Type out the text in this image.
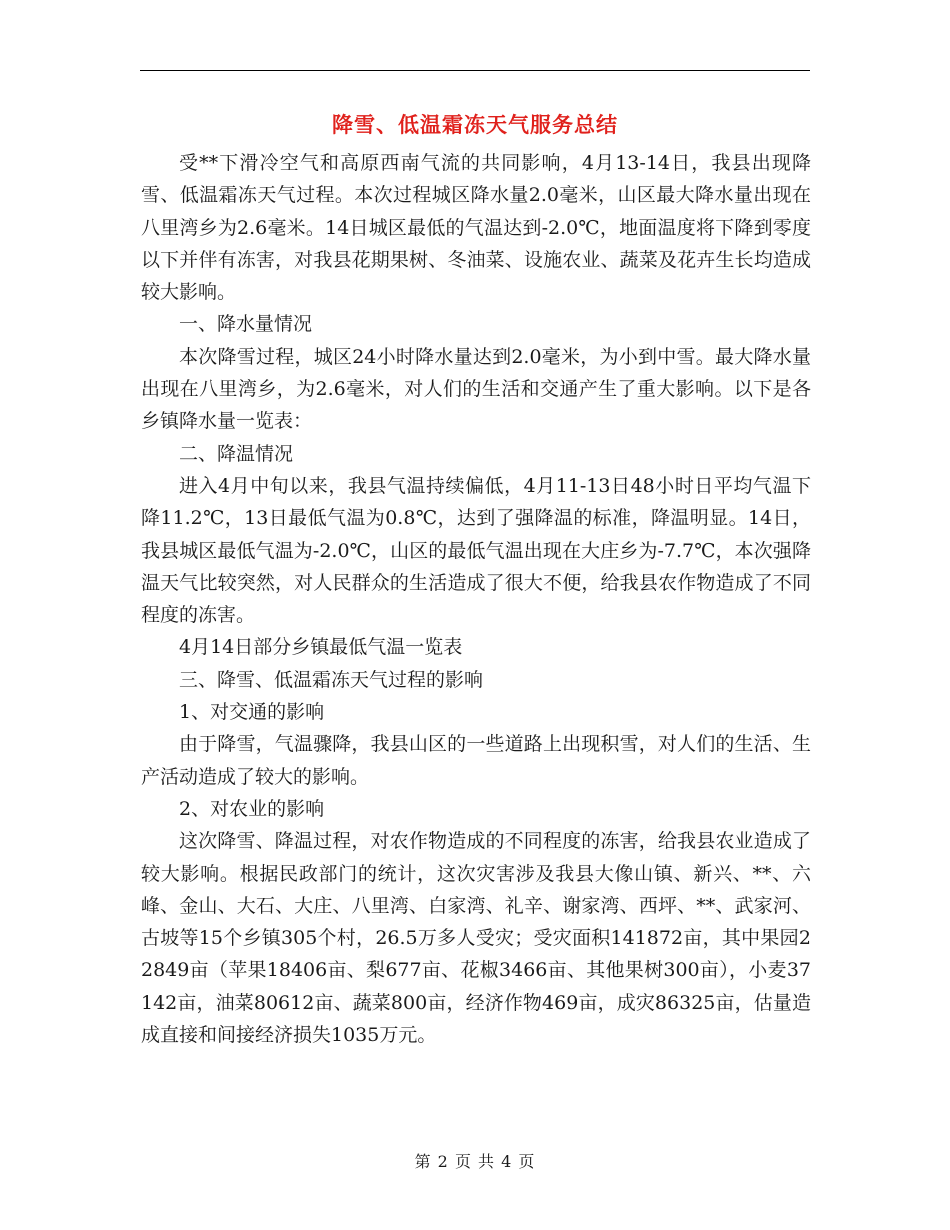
降雪、低温霜冻天气服务总结

受**下滑冷空气和高原西南气流的共同影响，4月13-14日，我县出现降雪、低温霜冻天气过程。本次过程城区降水量2.0毫米，山区最大降水量出现在八里湾乡为2.6毫米。14日城区最低的气温达到-2.0℃，地面温度将下降到零度以下并伴有冻害，对我县花期果树、冬油菜、设施农业、蔬菜及花卉生长均造成较大影响。

一、降水量情况

本次降雪过程，城区24小时降水量达到2.0毫米，为小到中雪。最大降水量出现在八里湾乡，为2.6毫米，对人们的生活和交通产生了重大影响。以下是各乡镇降水量一览表：

二、降温情况

进入4月中旬以来，我县气温持续偏低，4月11-13日48小时日平均气温下降11.2℃，13日最低气温为0.8℃，达到了强降温的标准，降温明显。14日，我县城区最低气温为-2.0℃，山区的最低气温出现在大庄乡为-7.7℃，本次强降温天气比较突然，对人民群众的生活造成了很大不便，给我县农作物造成了不同程度的冻害。

4月14日部分乡镇最低气温一览表

三、降雪、低温霜冻天气过程的影响

1、对交通的影响

由于降雪，气温骤降，我县山区的一些道路上出现积雪，对人们的生活、生产活动造成了较大的影响。

2、对农业的影响

这次降雪、降温过程，对农作物造成的不同程度的冻害，给我县农业造成了较大影响。根据民政部门的统计，这次灾害涉及我县大像山镇、新兴、**、六峰、金山、大石、大庄、八里湾、白家湾、礼辛、谢家湾、西坪、**、武家河、古坡等15个乡镇305个村，26.5万多人受灾；受灾面积141872亩，其中果园22849亩（苹果18406亩、梨677亩、花椒3466亩、其他果树300亩），小麦37142亩，油菜80612亩、蔬菜800亩，经济作物469亩，成灾86325亩，估量造成直接和间接经济损失1035万元。

第 2 页 共 4 页
